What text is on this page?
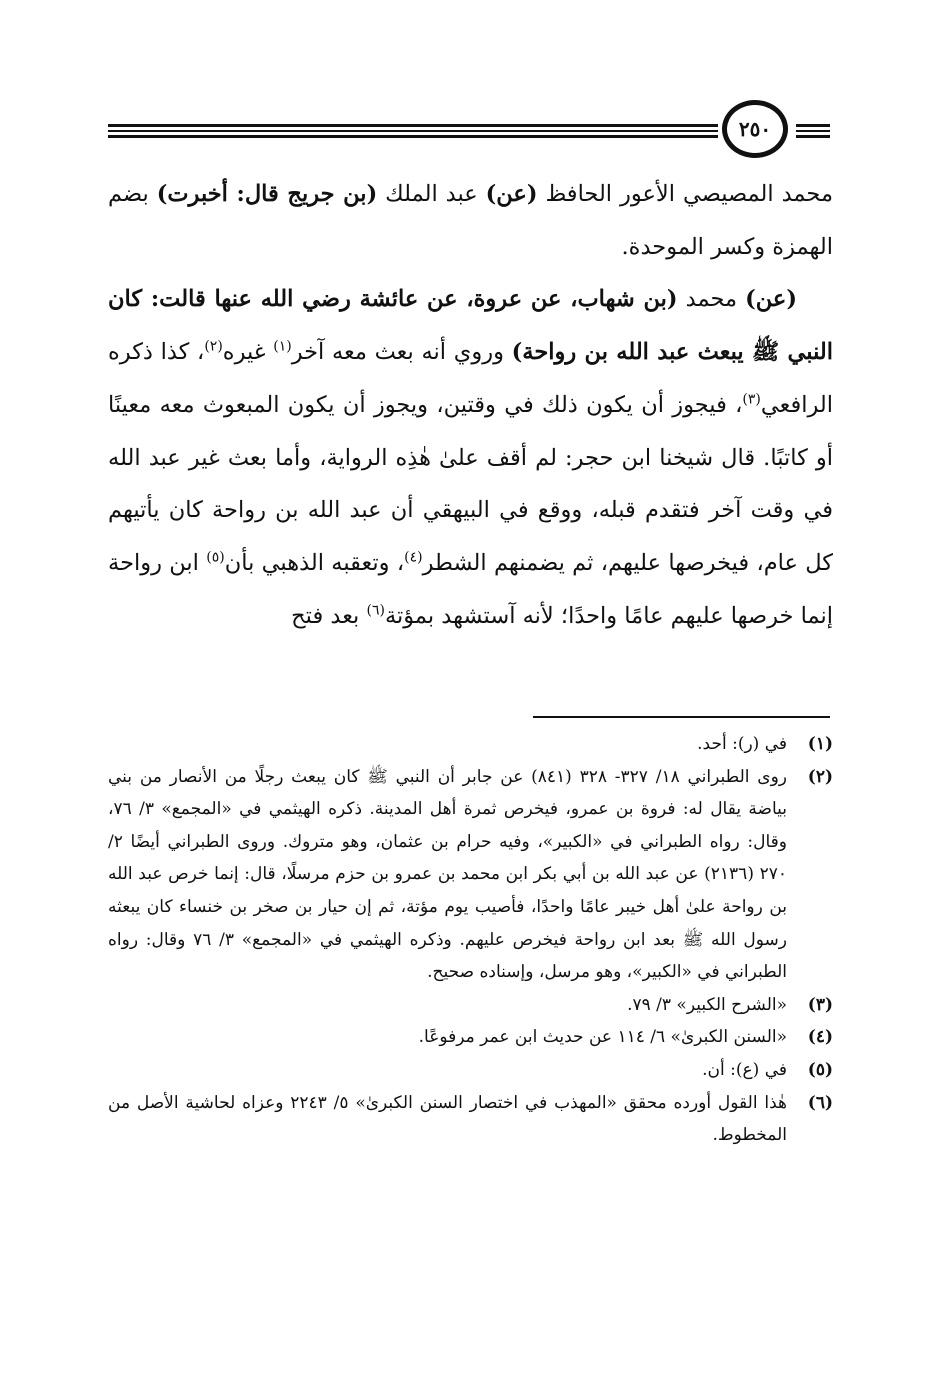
٢٥٠

محمد المصيصي الأعور الحافظ (عن) عبد الملك (بن جريج قال: أخبرت) بضم الهمزة وكسر الموحدة.

(عن) محمد (بن شهاب، عن عروة، عن عائشة رضي الله عنها قالت: كان النبي ﷺ يبعث عبد الله بن رواحة) وروي أنه بعث معه آخر$^{(١)}$ غيره$^{(٢)}$، كذا ذكره الرافعي$^{(٣)}$، فيجوز أن يكون ذلك في وقتين، ويجوز أن يكون المبعوث معه معينًا أو كاتبًا. قال شيخنا ابن حجر: لم أقف علىٰ هٰذِه الرواية، وأما بعث غير عبد الله في وقت آخر فتقدم قبله، ووقع في البيهقي أن عبد الله بن رواحة كان يأتيهم كل عام، فيخرصها عليهم، ثم يضمنهم الشطر$^{(٤)}$، وتعقبه الذهبي بأن$^{(٥)}$ ابن رواحة إنما خرصها عليهم عامًا واحدًا؛ لأنه آستشهد بمؤتة$^{(٦)}$ بعد فتح

(١)
في (ر): أحد.
(٢)
روى الطبراني ١٨/ ٣٢٧- ٣٢٨ (٨٤١) عن جابر أن النبي ﷺ كان يبعث رجلًا من الأنصار من بني بياضة يقال له: فروة بن عمرو، فيخرص ثمرة أهل المدينة. ذكره الهيثمي في «المجمع» ٣/ ٧٦، وقال: رواه الطبراني في «الكبير»، وفيه حرام بن عثمان، وهو متروك. وروى الطبراني أيضًا ٢/ ٢٧٠ (٢١٣٦) عن عبد الله بن أبي بكر ابن محمد بن عمرو بن حزم مرسلًا، قال: إنما خرص عبد الله بن رواحة علىٰ أهل خيبر عامًا واحدًا، فأصيب يوم مؤتة، ثم إن حيار بن صخر بن خنساء كان يبعثه رسول الله ﷺ بعد ابن رواحة فيخرص عليهم. وذكره الهيثمي في «المجمع» ٣/ ٧٦ وقال: رواه الطبراني في «الكبير»، وهو مرسل، وإسناده صحيح.
(٣)
«الشرح الكبير» ٣/ ٧٩.
(٤)
«السنن الكبرىٰ» ٦/ ١١٤ عن حديث ابن عمر مرفوعًا.
(٥)
في (ع): أن.
(٦)
هٰذا القول أورده محقق «المهذب في اختصار السنن الكبرىٰ» ٥/ ٢٢٤٣ وعزاه لحاشية الأصل من المخطوط.
